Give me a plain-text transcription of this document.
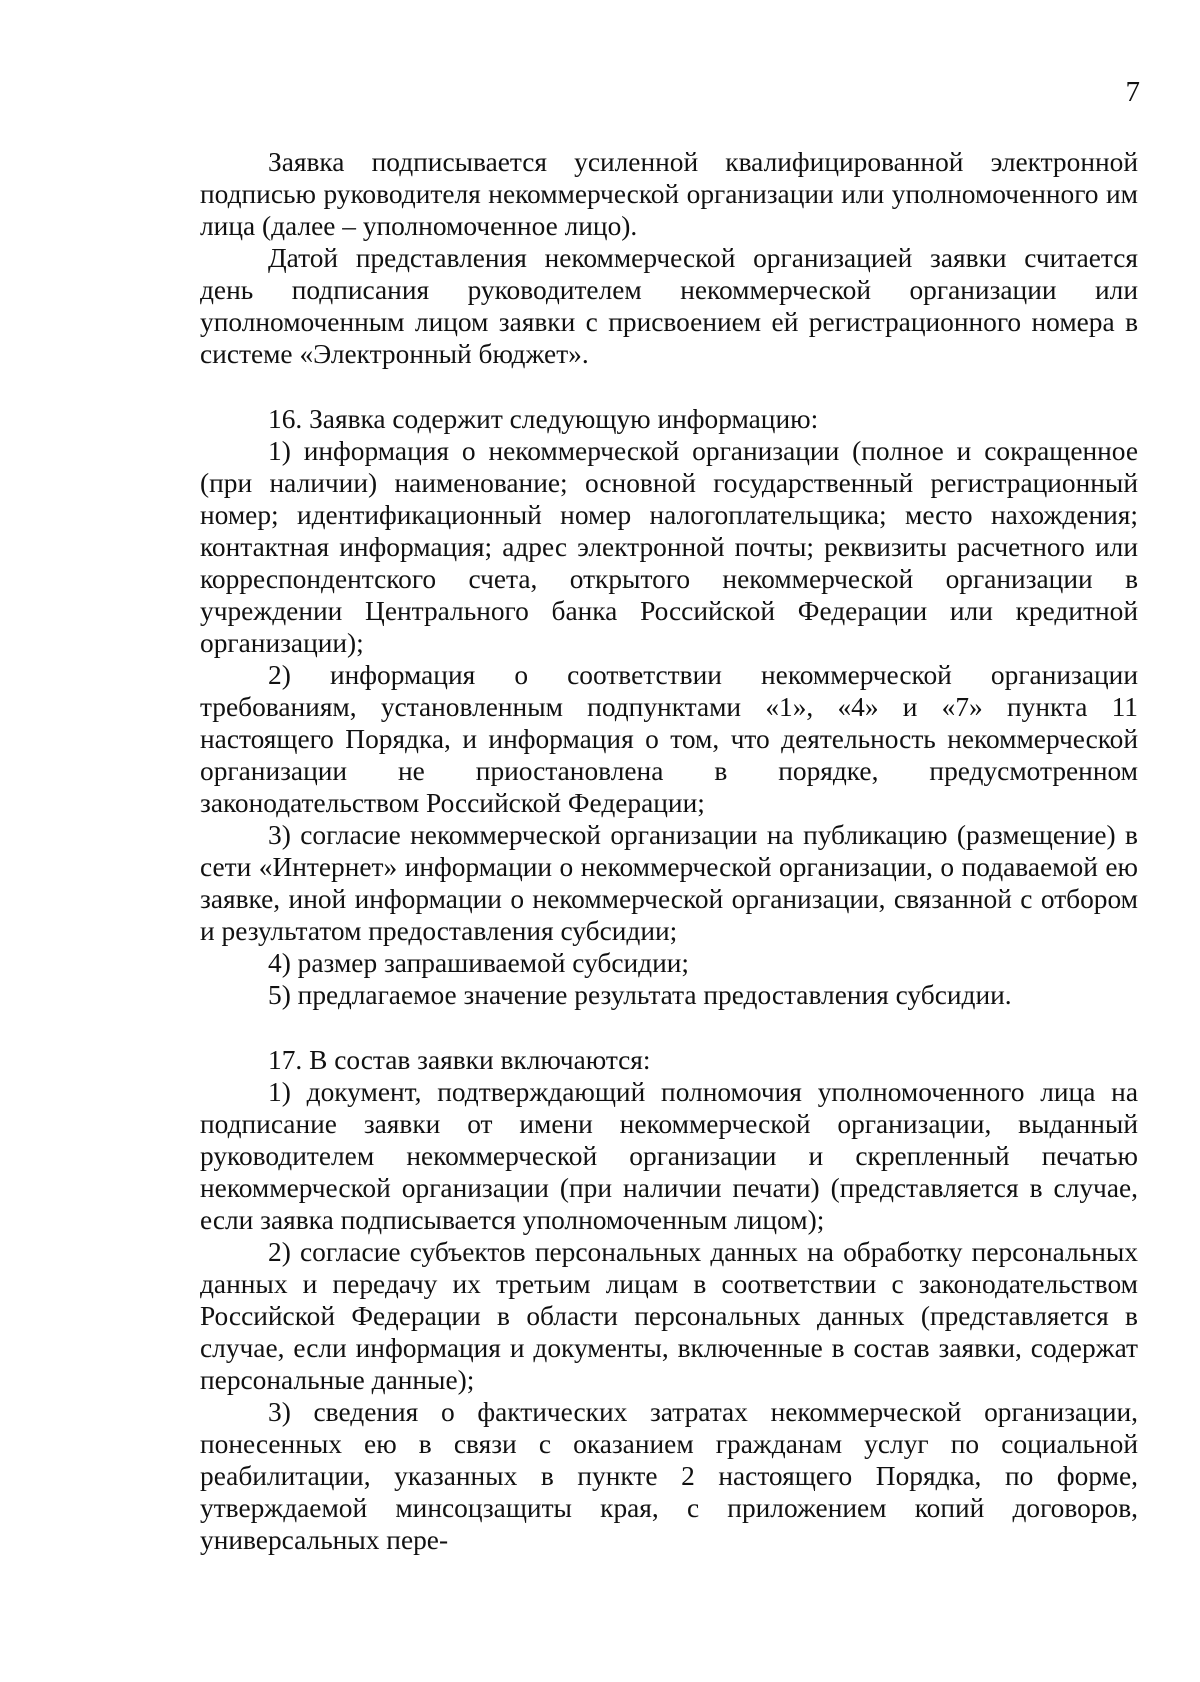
7

Заявка подписывается усиленной квалифицированной электронной подписью руководителя некоммерческой организации или уполномоченного им лица (далее – уполномоченное лицо).

Датой представления некоммерческой организацией заявки считается день подписания руководителем некоммерческой организации или уполномоченным лицом заявки с присвоением ей регистрационного номера в системе «Электронный бюджет».

16. Заявка содержит следующую информацию:

1) информация о некоммерческой организации (полное и сокращенное (при наличии) наименование; основной государственный регистрационный номер; идентификационный номер налогоплательщика; место нахождения; контактная информация; адрес электронной почты; реквизиты расчетного или корреспондентского счета, открытого некоммерческой организации в учреждении Центрального банка Российской Федерации или кредитной организации);
2) информация о соответствии некоммерческой организации требованиям, установленным подпунктами «1», «4» и «7» пункта 11 настоящего Порядка, и информация о том, что деятельность некоммерческой организации не приостановлена в порядке, предусмотренном законодательством Российской Федерации;
3) согласие некоммерческой организации на публикацию (размещение) в сети «Интернет» информации о некоммерческой организации, о подаваемой ею заявке, иной информации о некоммерческой организации, связанной с отбором и результатом предоставления субсидии;
4) размер запрашиваемой субсидии;
5) предлагаемое значение результата предоставления субсидии.

17. В состав заявки включаются:

1) документ, подтверждающий полномочия уполномоченного лица на подписание заявки от имени некоммерческой организации, выданный руководителем некоммерческой организации и скрепленный печатью некоммерческой организации (при наличии печати) (представляется в случае, если заявка подписывается уполномоченным лицом);
2) согласие субъектов персональных данных на обработку персональных данных и передачу их третьим лицам в соответствии с законодательством Российской Федерации в области персональных данных (представляется в случае, если информация и документы, включенные в состав заявки, содержат персональные данные);
3) сведения о фактических затратах некоммерческой организации, понесенных ею в связи с оказанием гражданам услуг по социальной реабилитации, указанных в пункте 2 настоящего Порядка, по форме, утверждаемой минсоцзащиты края, с приложением копий договоров, универсальных пере-
